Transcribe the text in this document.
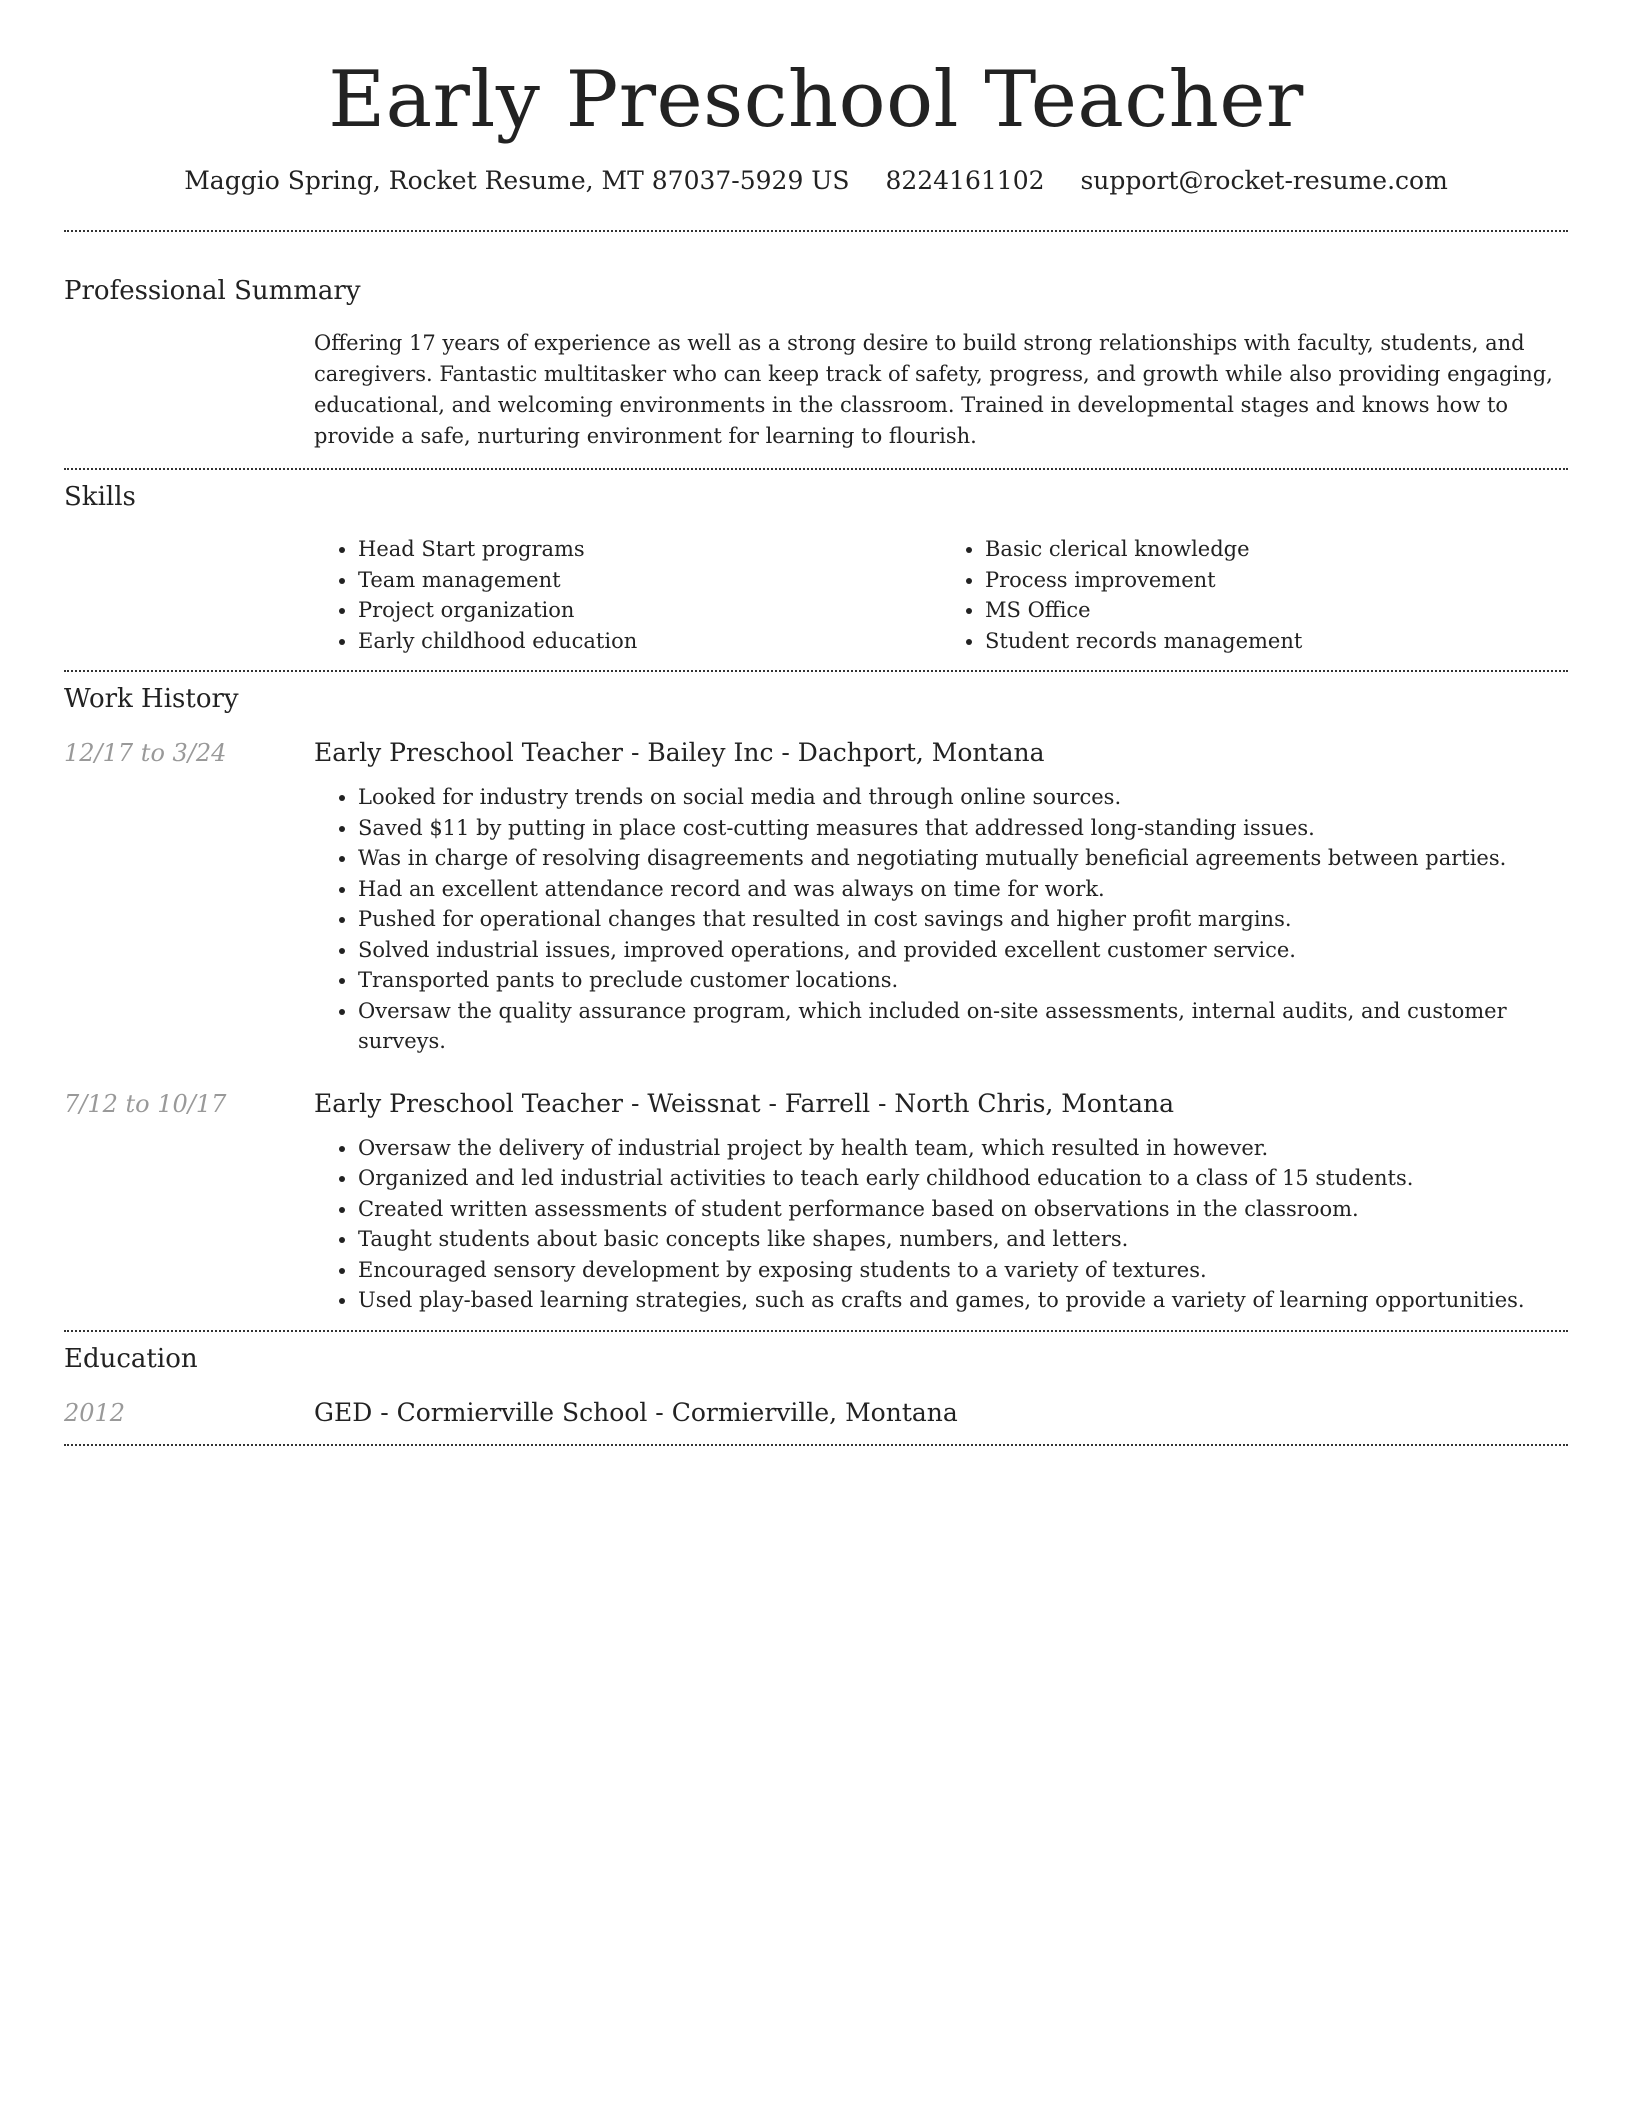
Early Preschool Teacher
Maggio Spring, Rocket Resume, MT 87037-5929 US 8224161102 support@rocket-resume.com
Professional Summary
Offering 17 years of experience as well as a strong desire to build strong relationships with faculty, students, and caregivers. Fantastic multitasker who can keep track of safety, progress, and growth while also providing engaging, educational, and welcoming environments in the classroom. Trained in developmental stages and knows how to provide a safe, nurturing environment for learning to flourish.
Skills
• Head Start programs
• Team management
• Project organization
• Early childhood education
• Basic clerical knowledge
• Process improvement
• MS Office
• Student records management
Work History
12/17 to 3/24	Early Preschool Teacher - Bailey Inc - Dachport, Montana
• Looked for industry trends on social media and through online sources.
• Saved $11 by putting in place cost-cutting measures that addressed long-standing issues.
• Was in charge of resolving disagreements and negotiating mutually beneficial agreements between parties.
• Had an excellent attendance record and was always on time for work.
• Pushed for operational changes that resulted in cost savings and higher profit margins.
• Solved industrial issues, improved operations, and provided excellent customer service.
• Transported pants to preclude customer locations.
• Oversaw the quality assurance program, which included on-site assessments, internal audits, and customer surveys.
7/12 to 10/17	Early Preschool Teacher - Weissnat - Farrell - North Chris, Montana
• Oversaw the delivery of industrial project by health team, which resulted in however.
• Organized and led industrial activities to teach early childhood education to a class of 15 students.
• Created written assessments of student performance based on observations in the classroom.
• Taught students about basic concepts like shapes, numbers, and letters.
• Encouraged sensory development by exposing students to a variety of textures.
• Used play-based learning strategies, such as crafts and games, to provide a variety of learning opportunities.
Education
2012	GED - Cormierville School - Cormierville, Montana
